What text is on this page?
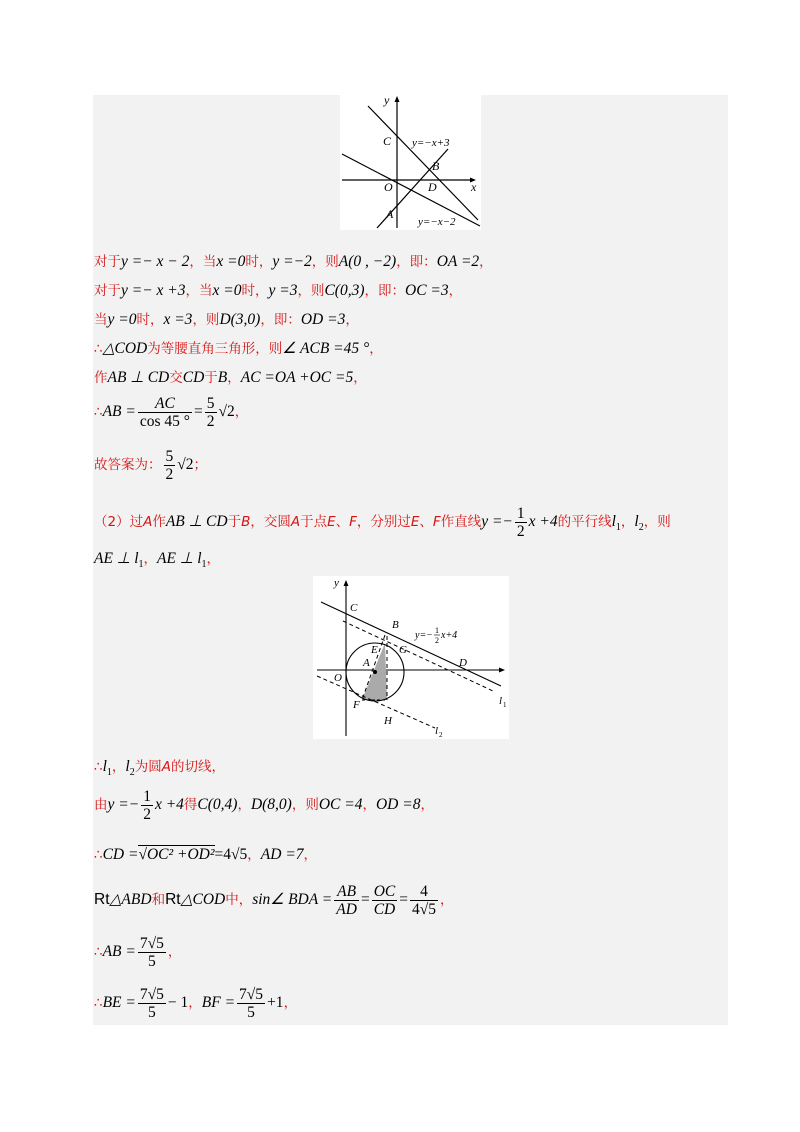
y
x
C
O
A
B
D
y=−x+3
y=−x−2
对于y =− x − 2，当x =0时，y =−2，则A(0 , −2)，即：OA =2，
对于y =− x +3，当x =0时，y =3，则C(0,3)，即：OC =3，
当y =0时，x =3，则D(3,0)，即：OD =3，
∴△COD为等腰直角三角形，则∠ ACB =45 °，
作AB ⊥ CD交CD于B，AC =OA +OC =5，
∴AB = $\frac{AC}{\cos 45 ^\circ} = \frac{5}{2} √2$，
故答案为： $\frac{5}{2} √2$；
（2）过A作AB ⊥ CD于B，交圆A于点E、F，分别过E、F作直线$y =- \frac{1}{2}$ x +4的平行线$l_1$，$l_2$，则
AE ⊥ $l_1$，AE ⊥ $l_1$，
y
C
B
E
A
G
D
O
F
H
l 1
l 2
y=− 1
2 x+4
$\therefore l_1$，$l_2$为圆A的切线，
由$y =- \frac{1}{2}$ x +4得C(0,4)，D(8,0)，则OC =4，OD =8，
∴CD =√OC² +OD²=4√5，AD =7，
Rt△ABD和Rt△COD中，sin∠ BDA = $\frac{AB}{AD} = \frac{OC}{CD} = \frac{4}{4√5}$ ，
∴AB = $\frac{7√5}{5}$ ，
∴BE = $\frac{7√5}{5} - 1$，BF = $\frac{7√5}{5} +1$，
